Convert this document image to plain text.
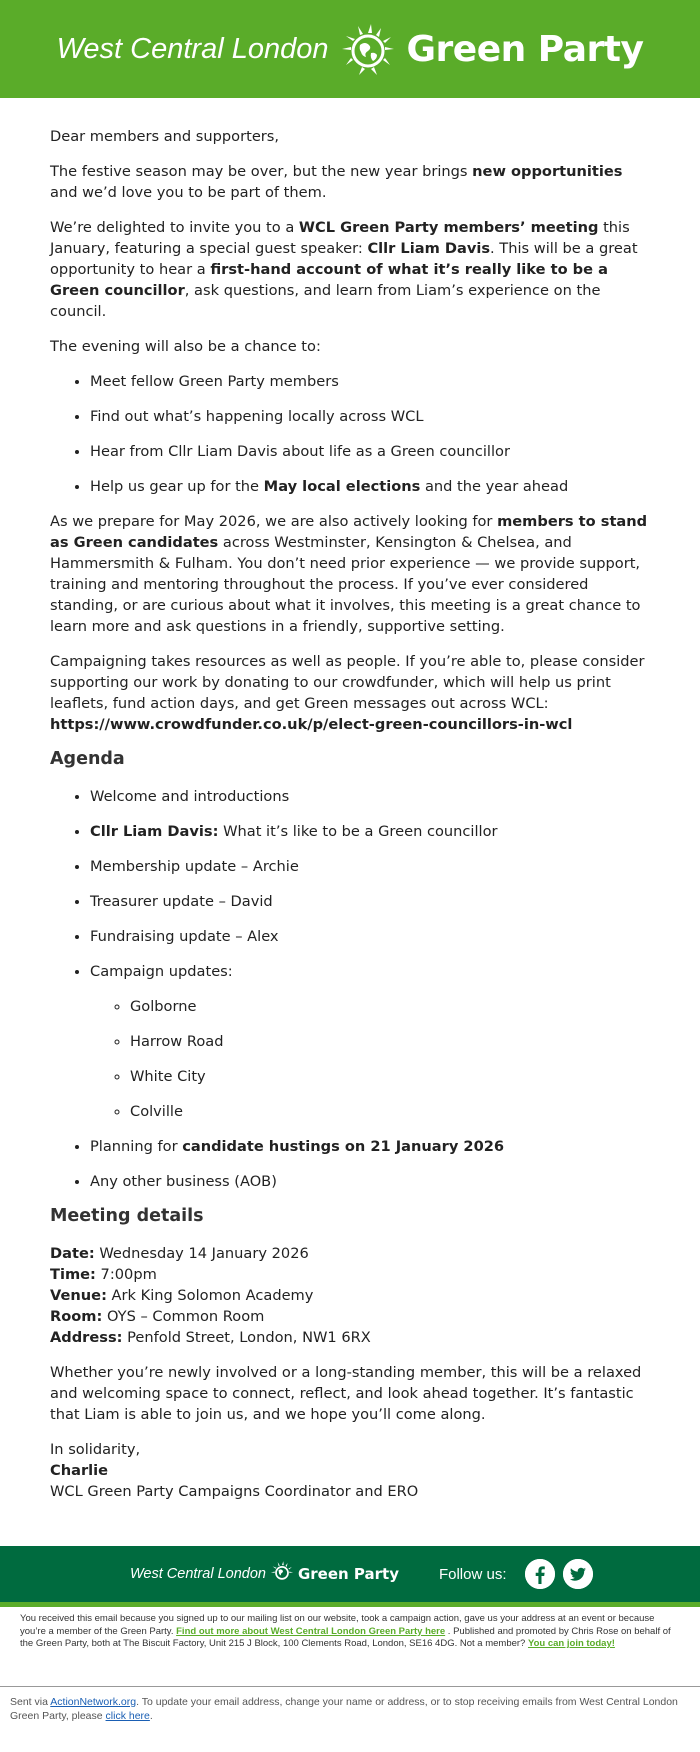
West Central London Green Party

Dear members and supporters,

The festive season may be over, but the new year brings new opportunities and we’d love you to be part of them.

We’re delighted to invite you to a WCL Green Party members’ meeting this January, featuring a special guest speaker: Cllr Liam Davis. This will be a great opportunity to hear a first-hand account of what it’s really like to be a Green councillor, ask questions, and learn from Liam’s experience on the council.

The evening will also be a chance to:

• Meet fellow Green Party members
• Find out what’s happening locally across WCL
• Hear from Cllr Liam Davis about life as a Green councillor
• Help us gear up for the May local elections and the year ahead

As we prepare for May 2026, we are also actively looking for members to stand as Green candidates across Westminster, Kensington & Chelsea, and Hammersmith & Fulham. You don’t need prior experience — we provide support, training and mentoring throughout the process. If you’ve ever considered standing, or are curious about what it involves, this meeting is a great chance to learn more and ask questions in a friendly, supportive setting.

Campaigning takes resources as well as people. If you’re able to, please consider supporting our work by donating to our crowdfunder, which will help us print leaflets, fund action days, and get Green messages out across WCL: https://www.crowdfunder.co.uk/p/elect-green-councillors-in-wcl

Agenda
• Welcome and introductions
• Cllr Liam Davis: What it’s like to be a Green councillor
• Membership update – Archie
• Treasurer update – David
• Fundraising update – Alex
• Campaign updates:
◦ Golborne
◦ Harrow Road
◦ White City
◦ Colville
• Planning for candidate hustings on 21 January 2026
• Any other business (AOB)
Meeting details

Date: Wednesday 14 January 2026

Time: 7:00pm

Venue: Ark King Solomon Academy

Room: OYS – Common Room

Address: Penfold Street, London, NW1 6RX

Whether you’re newly involved or a long-standing member, this will be a relaxed and welcoming space to connect, reflect, and look ahead together. It’s fantastic that Liam is able to join us, and we hope you’ll come along.

In solidarity,

Charlie

WCL Green Party Campaigns Coordinator and ERO

West Central London Green Party	Follow us:
You received this email because you signed up to our mailing list on our website, took a campaign action, gave us your address at an event or because you’re a member of the Green Party. Find out more about West Central London Green Party here . Published and promoted by Chris Rose on behalf of the Green Party, both at The Biscuit Factory, Unit 215 J Block, 100 Clements Road, London, SE16 4DG. Not a member? You can join today!
Sent via ActionNetwork.org. To update your email address, change your name or address, or to stop receiving emails from West Central London Green Party, please click here.
